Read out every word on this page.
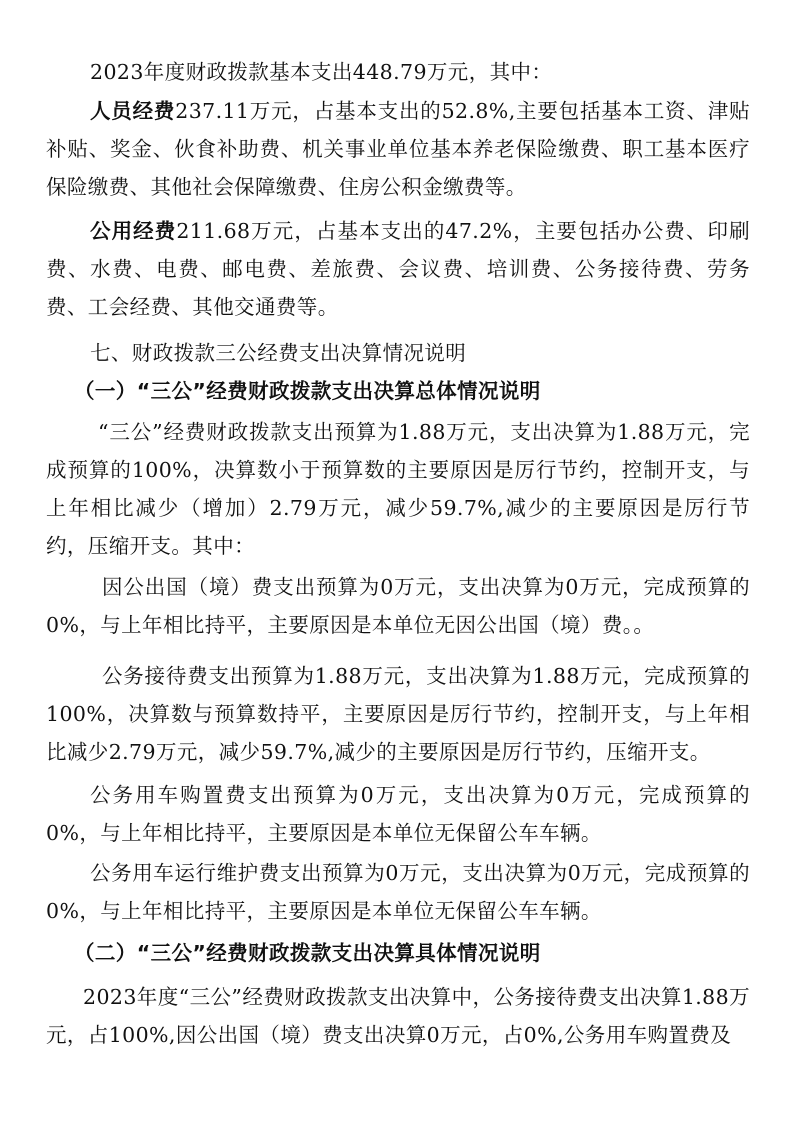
2023年度财政拨款基本支出448.79万元，其中：

人员经费237.11万元，占基本支出的52.8%,主要包括基本工资、津贴补贴、奖金、伙食补助费、机关事业单位基本养老保险缴费、职工基本医疗保险缴费、其他社会保障缴费、住房公积金缴费等。

公用经费211.68万元，占基本支出的47.2%，主要包括办公费、印刷费、水费、电费、邮电费、差旅费、会议费、培训费、公务接待费、劳务费、工会经费、其他交通费等。

七、财政拨款三公经费支出决算情况说明
（一）“三公”经费财政拨款支出决算总体情况说明

“三公”经费财政拨款支出预算为1.88万元，支出决算为1.88万元，完成预算的100%，决算数小于预算数的主要原因是厉行节约，控制开支，与上年相比减少（增加）2.79万元，减少59.7%,减少的主要原因是厉行节约，压缩开支。其中：

因公出国（境）费支出预算为0万元，支出决算为0万元，完成预算的0%，与上年相比持平，主要原因是本单位无因公出国（境）费。。

公务接待费支出预算为1.88万元，支出决算为1.88万元，完成预算的100%，决算数与预算数持平，主要原因是厉行节约，控制开支，与上年相比减少2.79万元，减少59.7%,减少的主要原因是厉行节约，压缩开支。

公务用车购置费支出预算为0万元，支出决算为0万元，完成预算的0%，与上年相比持平，主要原因是本单位无保留公车车辆。

公务用车运行维护费支出预算为0万元，支出决算为0万元，完成预算的0%，与上年相比持平，主要原因是本单位无保留公车车辆。

（二）“三公”经费财政拨款支出决算具体情况说明

2023年度“三公”经费财政拨款支出决算中，公务接待费支出决算1.88万元，占100%,因公出国（境）费支出决算0万元，占0%,公务用车购置费及
